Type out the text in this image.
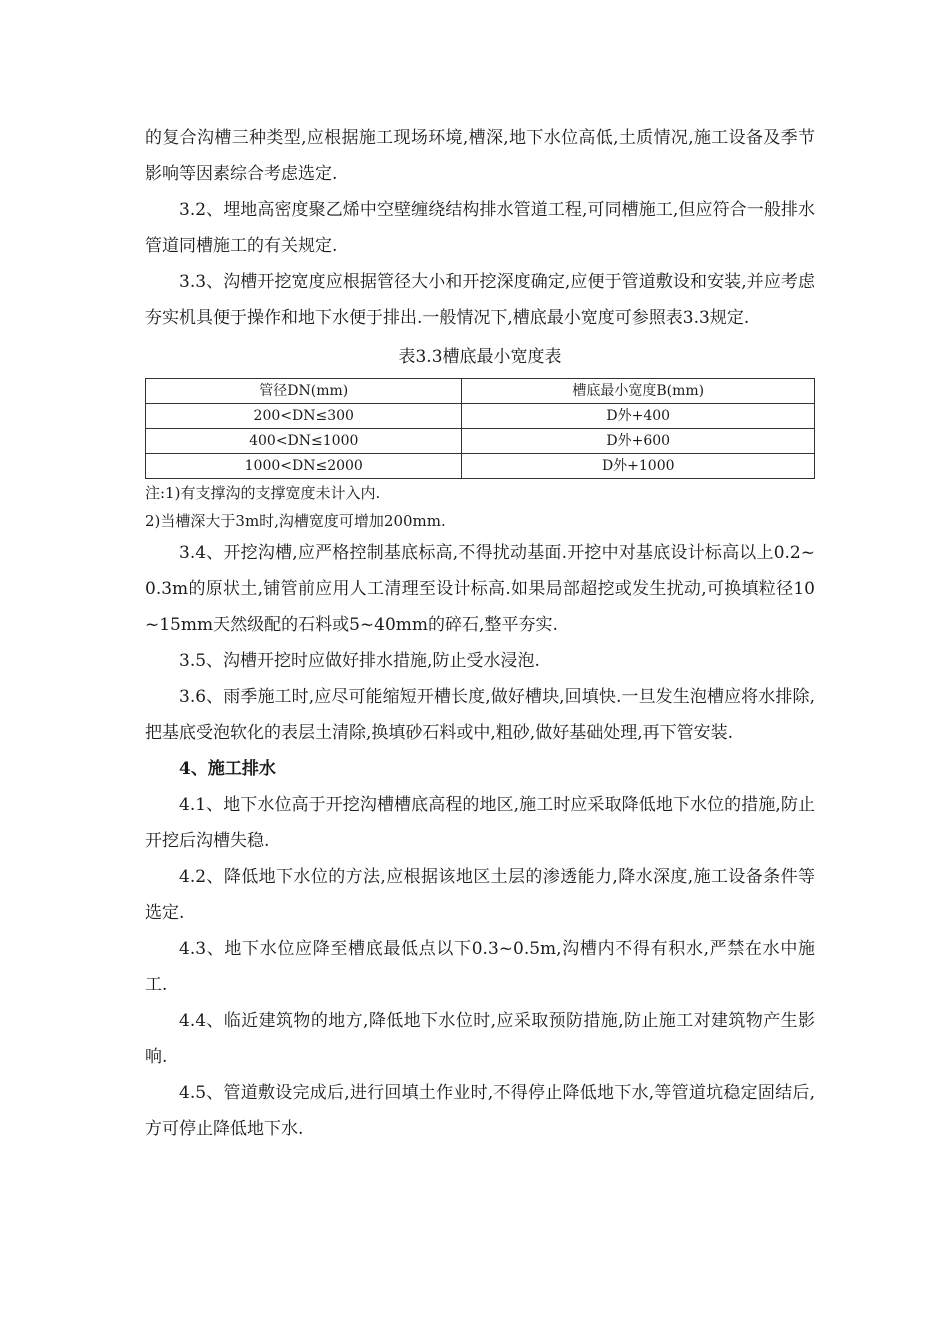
的复合沟槽三种类型,应根据施工现场环境,槽深,地下水位高低,土质情况,施工设备及季节影响等因素综合考虑选定.

3.2、埋地高密度聚乙烯中空壁缠绕结构排水管道工程,可同槽施工,但应符合一般排水管道同槽施工的有关规定.

3.3、沟槽开挖宽度应根据管径大小和开挖深度确定,应便于管道敷设和安装,并应考虑夯实机具便于操作和地下水便于排出.一般情况下,槽底最小宽度可参照表3.3规定.

表3.3槽底最小宽度表
管径DN(mm)	槽底最小宽度B(mm)
200<DN≤300	D外+400
400<DN≤1000	D外+600
1000<DN≤2000	D外+1000

注:1)有支撑沟的支撑宽度未计入内.

2)当槽深大于3m时,沟槽宽度可增加200mm.

3.4、开挖沟槽,应严格控制基底标高,不得扰动基面.开挖中对基底设计标高以上0.2~0.3m的原状土,铺管前应用人工清理至设计标高.如果局部超挖或发生扰动,可换填粒径10~15mm天然级配的石料或5~40mm的碎石,整平夯实.

3.5、沟槽开挖时应做好排水措施,防止受水浸泡.

3.6、雨季施工时,应尽可能缩短开槽长度,做好槽块,回填快.一旦发生泡槽应将水排除,把基底受泡软化的表层土清除,换填砂石料或中,粗砂,做好基础处理,再下管安装.

4、施工排水

4.1、地下水位高于开挖沟槽槽底高程的地区,施工时应采取降低地下水位的措施,防止开挖后沟槽失稳.

4.2、降低地下水位的方法,应根据该地区土层的渗透能力,降水深度,施工设备条件等选定.

4.3、地下水位应降至槽底最低点以下0.3~0.5m,沟槽内不得有积水,严禁在水中施工.

4.4、临近建筑物的地方,降低地下水位时,应采取预防措施,防止施工对建筑物产生影响.

4.5、管道敷设完成后,进行回填土作业时,不得停止降低地下水,等管道坑稳定固结后,方可停止降低地下水.
